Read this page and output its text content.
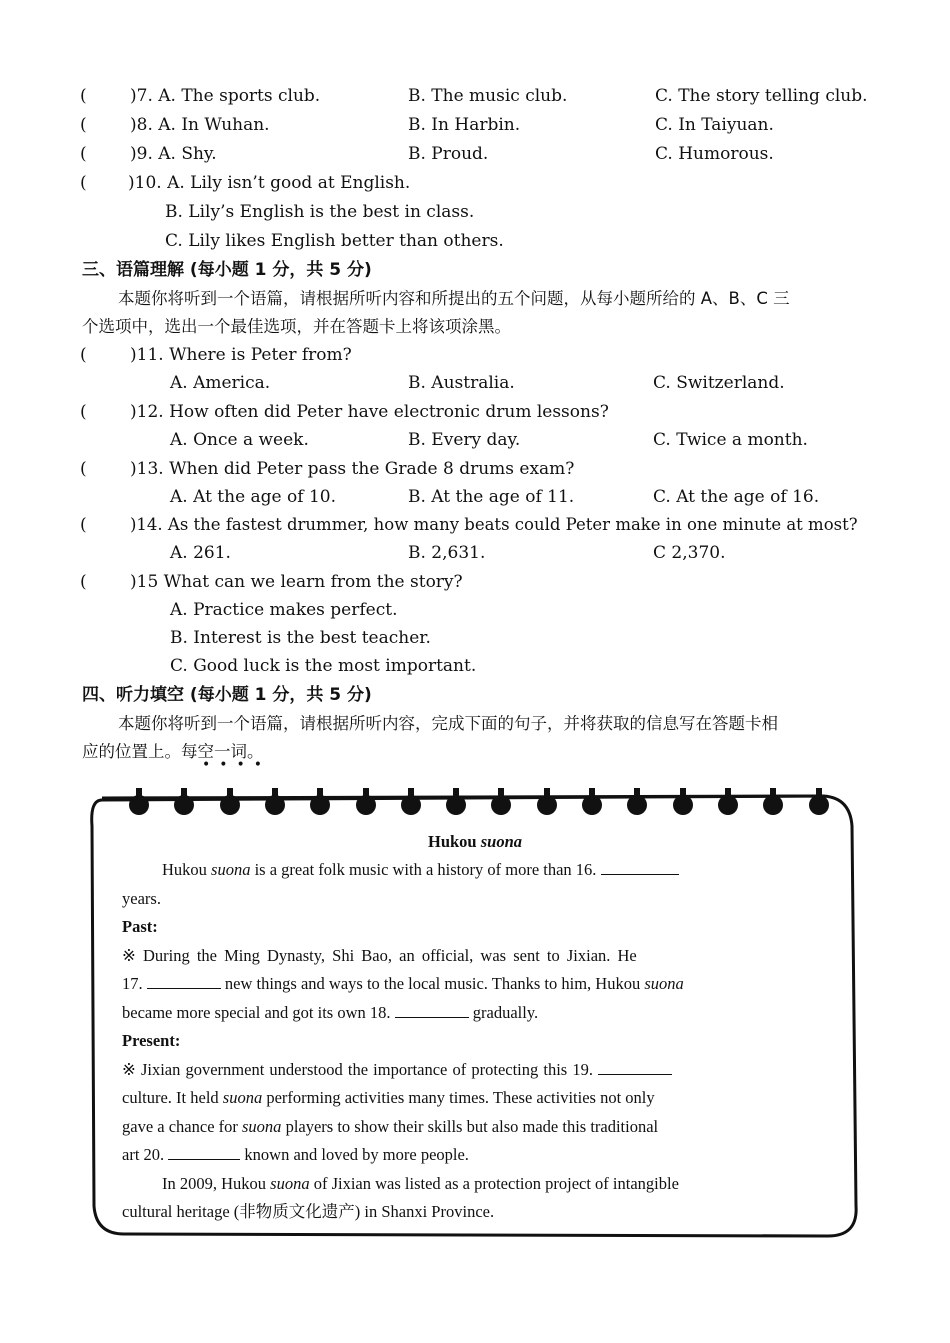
(	)7. A. The sports club.	B. The music club.	C. The story telling club.
(	)8. A. In Wuhan.	B. In Harbin.	C. In Taiyuan.
(	)9. A. Shy.	B. Proud.	C. Humorous.
( )10. A. Lily isn’t good at English.
B. Lily’s English is the best in class.
C. Lily likes English better than others.
三、语篇理解 (每小题 1 分，共 5 分)
本题你将听到一个语篇，请根据所听内容和所提出的五个问题，从每小题所给的 A、B、C 三
个选项中，选出一个最佳选项，并在答题卡上将该项涂黑。
(	)11. Where is Peter from?
A. America.	B. Australia.	C. Switzerland.
(	)12. How often did Peter have electronic drum lessons?
A. Once a week.	B. Every day.	C. Twice a month.
(	)13. When did Peter pass the Grade 8 drums exam?
A. At the age of 10.	B. At the age of 11.	C. At the age of 16.
(	)14. As the fastest drummer, how many beats could Peter make in one minute at most?
A. 261.	B. 2,631.	C 2,370.
(	)15 What can we learn from the story?
A. Practice makes perfect.
B. Interest is the best teacher.
C. Good luck is the most important.
四、听力填空 (每小题 1 分，共 5 分)
本题你将听到一个语篇，请根据所听内容，完成下面的句子，并将获取的信息写在答题卡相
应的位置上。每空一词。
••••
Hukou suona
Hukou suona is a great folk music with a history of more than 16.
years.
Past:
※ During the Ming Dynasty, Shi Bao, an official, was sent to Jixian. He
17.	new things and ways to the local music. Thanks to him, Hukou suona
became more special and got its own 18.	gradually.
Present:
※ Jixian government understood the importance of protecting this 19.
culture. It held suona performing activities many times. These activities not only
gave a chance for suona players to show their skills but also made this traditional
art 20.	known and loved by more people.
In 2009, Hukou suona of Jixian was listed as a protection project of intangible
cultural heritage (非物质文化遗产) in Shanxi Province.
